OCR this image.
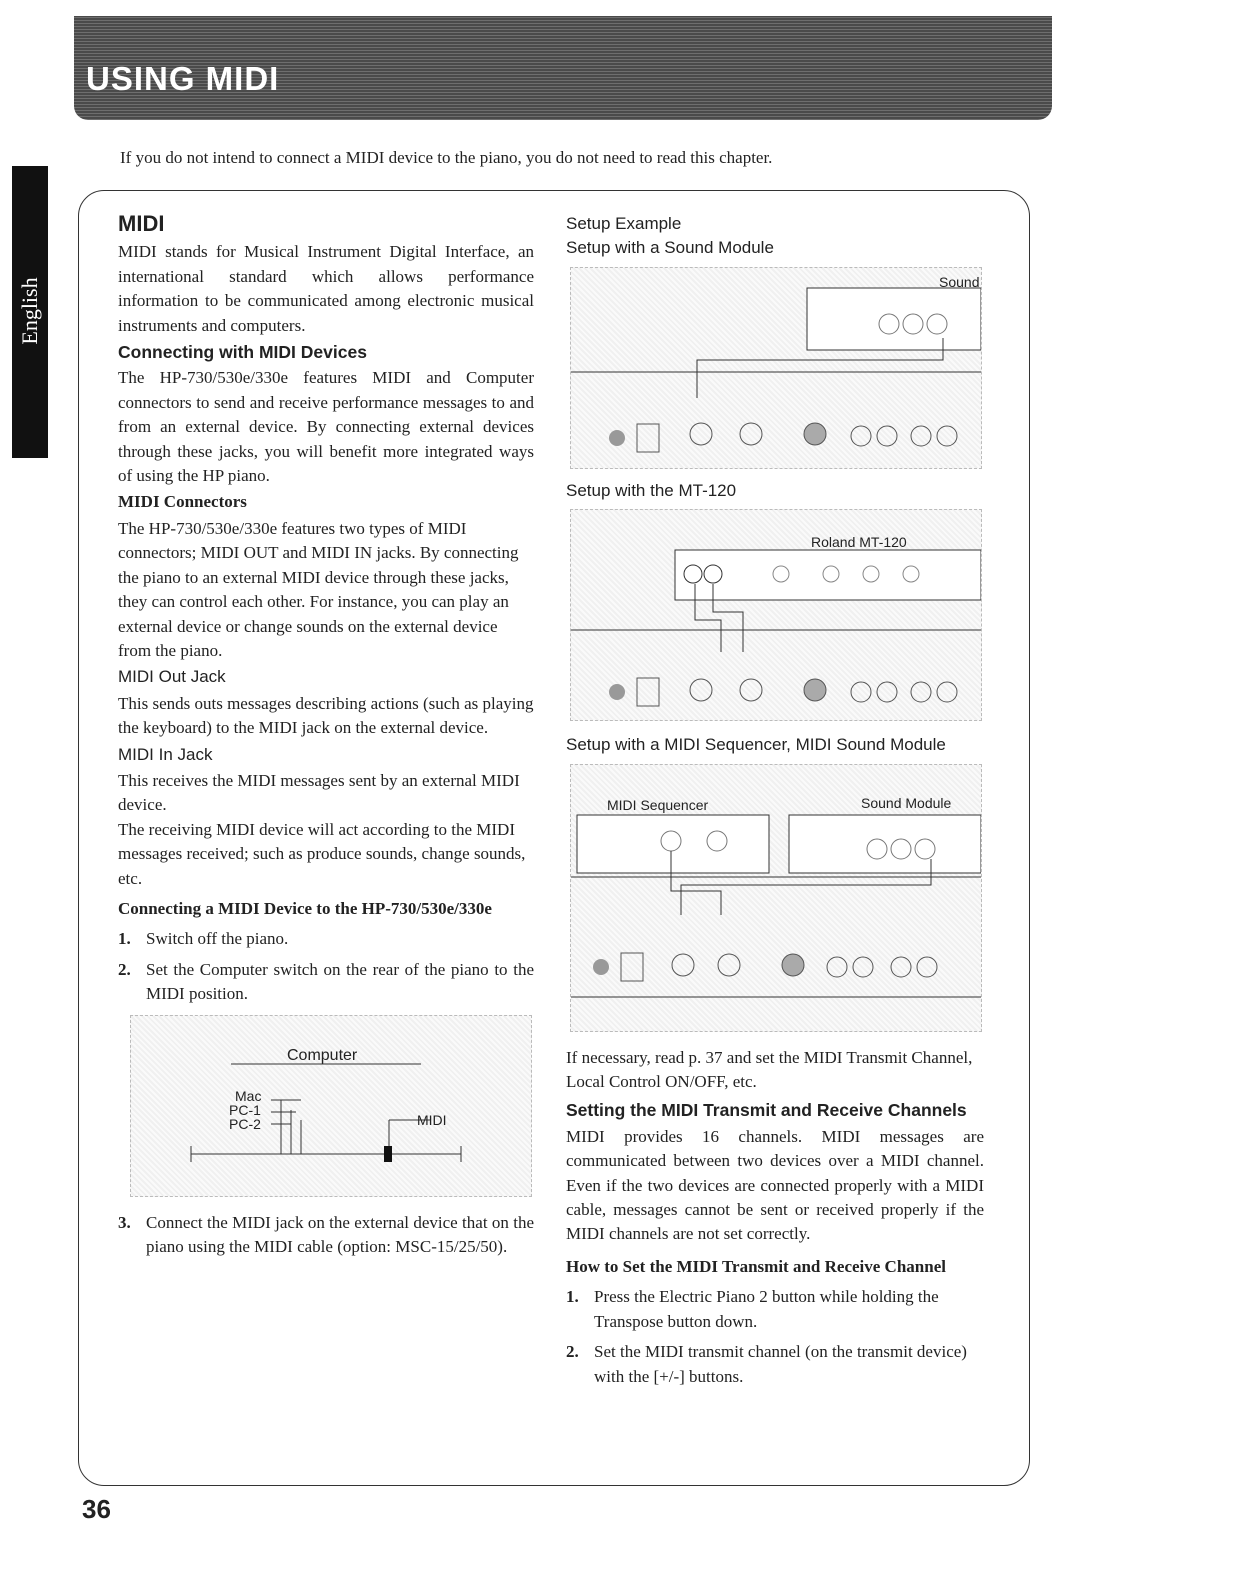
USING MIDI
If you do not intend to connect a MIDI device to the piano, you do not need to read this chapter.
English
MIDI

MIDI stands for Musical Instrument Digital Interface, an international standard which allows performance information to be communicated among electronic musical instruments and computers.

Connecting with MIDI Devices

The HP-730/530e/330e features MIDI and Computer connectors to send and receive performance messages to and from an external device. By connecting external devices through these jacks, you will benefit more integrated ways of using the HP piano.

MIDI Connectors

The HP-730/530e/330e features two types of MIDI connectors; MIDI OUT and MIDI IN jacks. By connecting the piano to an external MIDI device through these jacks, they can control each other. For instance, you can play an external device or change sounds on the external device from the piano.

MIDI Out Jack

This sends outs messages describing actions (such as playing the keyboard) to the MIDI jack on the external device.

MIDI In Jack

This receives the MIDI messages sent by an external MIDI device.

The receiving MIDI device will act according to the MIDI messages received; such as produce sounds, change sounds, etc.

Connecting a MIDI Device to the HP-730/530e/330e
1. Switch off the piano.
2. Set the Computer switch on the rear of the piano to the MIDI position.
Computer
Mac
PC-1
PC-2	MIDI
3. Connect the MIDI jack on the external device that on the piano using the MIDI cable (option: MSC-15/25/50).
Setup Example
Setup with a Sound Module
Sound
Setup with the MT-120
Roland MT-120
Setup with a MIDI Sequencer, MIDI Sound Module
MIDI Sequencer	Sound Module

If necessary, read p. 37 and set the MIDI Transmit Channel, Local Control ON/OFF, etc.

Setting the MIDI Transmit and Receive Channels

MIDI provides 16 channels. MIDI messages are communicated between two devices over a MIDI channel. Even if the two devices are connected properly with a MIDI cable, messages cannot be sent or received properly if the MIDI channels are not set correctly.

How to Set the MIDI Transmit and Receive Channel
1. Press the Electric Piano 2 button while holding the Transpose button down.
2. Set the MIDI transmit channel (on the transmit device) with the [+/-] buttons.
36
